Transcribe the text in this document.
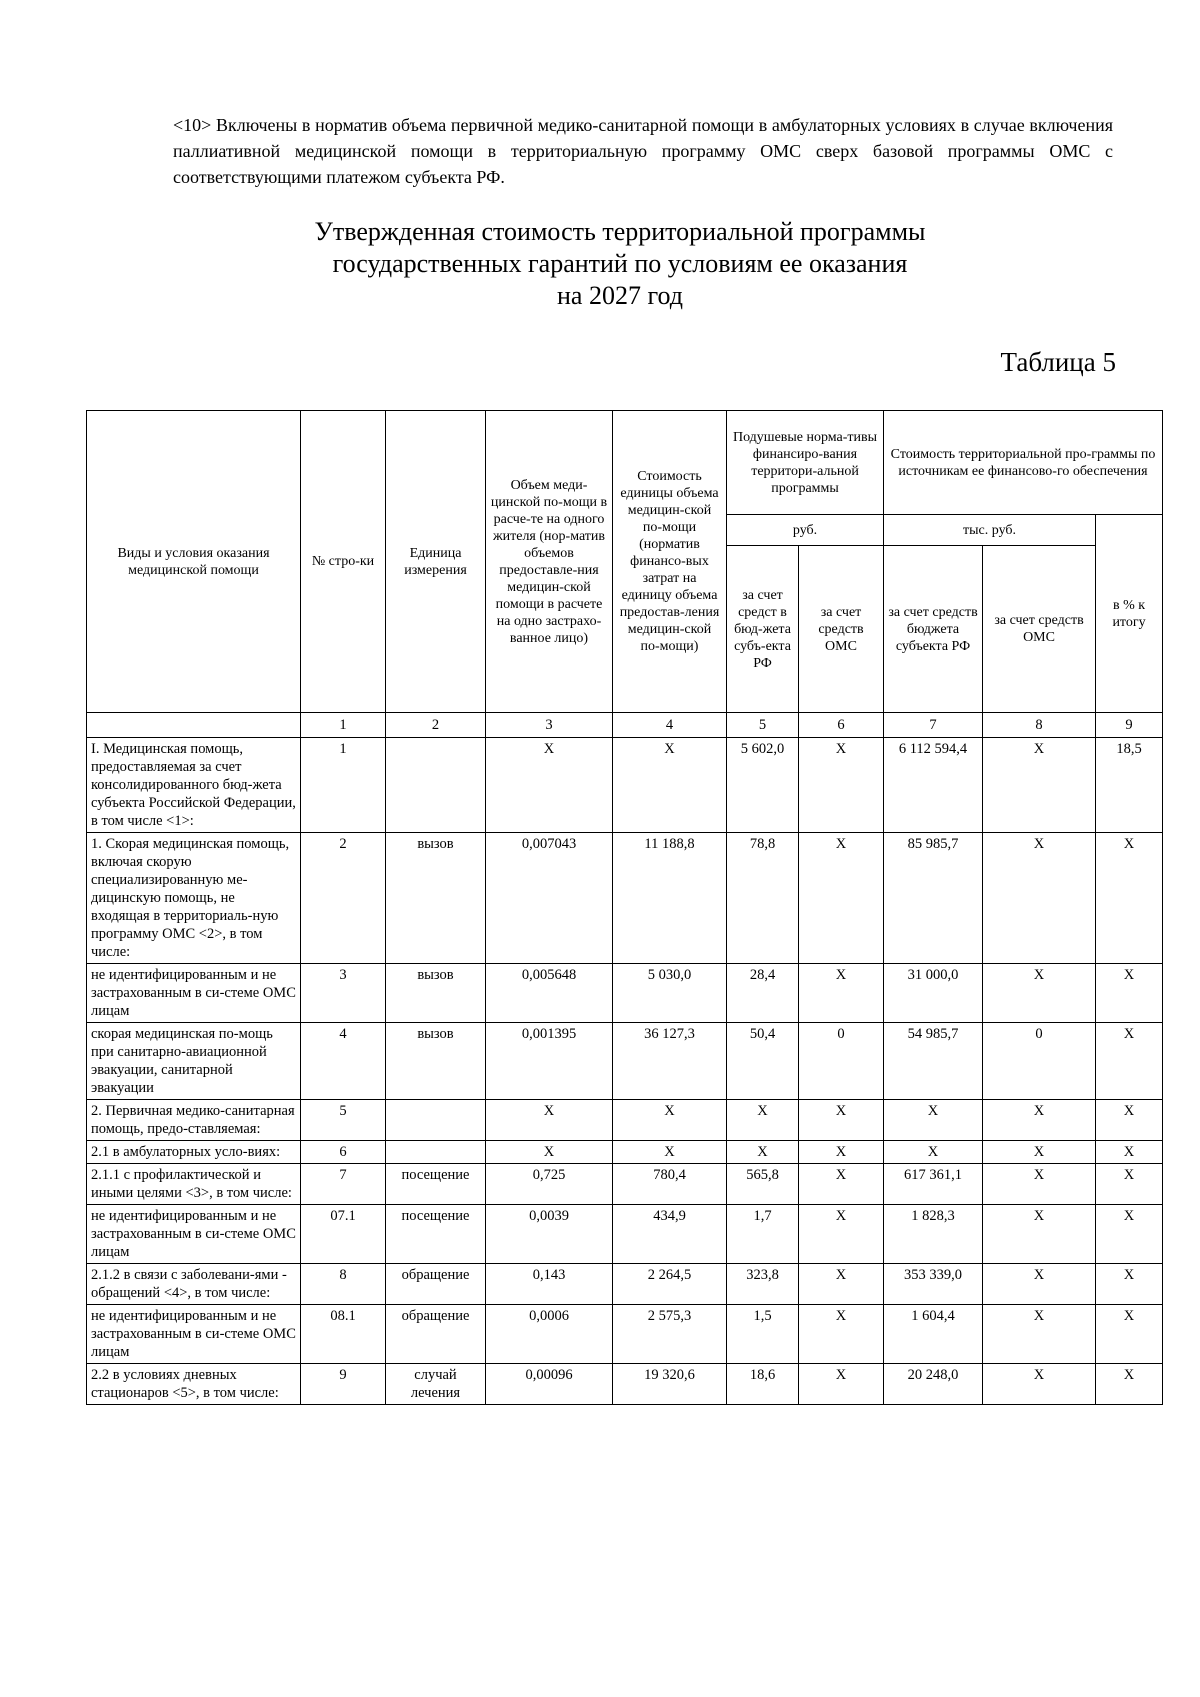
<10> Включены в норматив объема первичной медико-санитарной помощи в амбулаторных условиях в случае включения паллиативной медицинской помощи в территориальную программу ОМС сверх базовой программы ОМС с соответствующими платежом субъекта РФ.
Утвержденная стоимость территориальной программы
государственных гарантий по условиям ее оказания
на 2027 год
Таблица 5
Виды и условия оказания медицинской помощи	№ стро-ки	Единица измерения	Объем меди-цинской по-мощи в расче-те на одного жителя (нор-матив объемов предоставле-ния медицин-ской помощи в расчете на одно застрахо-ванное лицо)	Стоимость единицы объема медицин-ской по-мощи (норматив финансо-вых затрат на единицу объема предостав-ления медицин-ской по-мощи)	Подушевые норма-тивы финансиро-вания территори-альной программы		Стоимость территориальной про-граммы по источникам ее финансово-го обеспечения		
					руб.		тыс. руб.		в % к итогу
					за счет средст в бюд-жета субъ-екта РФ	за счет средств ОМС	за счет средств бюджета субъекта РФ	за счет средств ОМС	
	1	2	3	4	5	6	7	8	9
I. Медицинская помощь, предоставляемая за счет консолидированного бюд-жета субъекта Российской Федерации, в том числе <1>:	1		X	X	5 602,0	X	6 112 594,4	X	18,5
1. Скорая медицинская помощь, включая скорую специализированную ме-дицинскую помощь, не входящая в территориаль-ную программу ОМС <2>, в том числе:	2	вызов	0,007043	11 188,8	78,8	X	85 985,7	X	X
не идентифицированным и не застрахованным в си-стеме ОМС лицам	3	вызов	0,005648	5 030,0	28,4	X	31 000,0	X	X
скорая медицинская по-мощь при санитарно-авиационной эвакуации, санитарной эвакуации	4	вызов	0,001395	36 127,3	50,4	0	54 985,7	0	X
2. Первичная медико-санитарная помощь, предо-ставляемая:	5		X	X	X	X	X	X	X
2.1 в амбулаторных усло-виях:	6		X	X	X	X	X	X	X
2.1.1 с профилактической и иными целями <3>, в том числе:	7	посещение	0,725	780,4	565,8	X	617 361,1	X	X
не идентифицированным и не застрахованным в си-стеме ОМС лицам	07.1	посещение	0,0039	434,9	1,7	X	1 828,3	X	X
2.1.2 в связи с заболевани-ями - обращений <4>, в том числе:	8	обращение	0,143	2 264,5	323,8	X	353 339,0	X	X
не идентифицированным и не застрахованным в си-стеме ОМС лицам	08.1	обращение	0,0006	2 575,3	1,5	X	1 604,4	X	X
2.2 в условиях дневных стационаров <5>, в том числе:	9	случай лечения	0,00096	19 320,6	18,6	X	20 248,0	X	X
